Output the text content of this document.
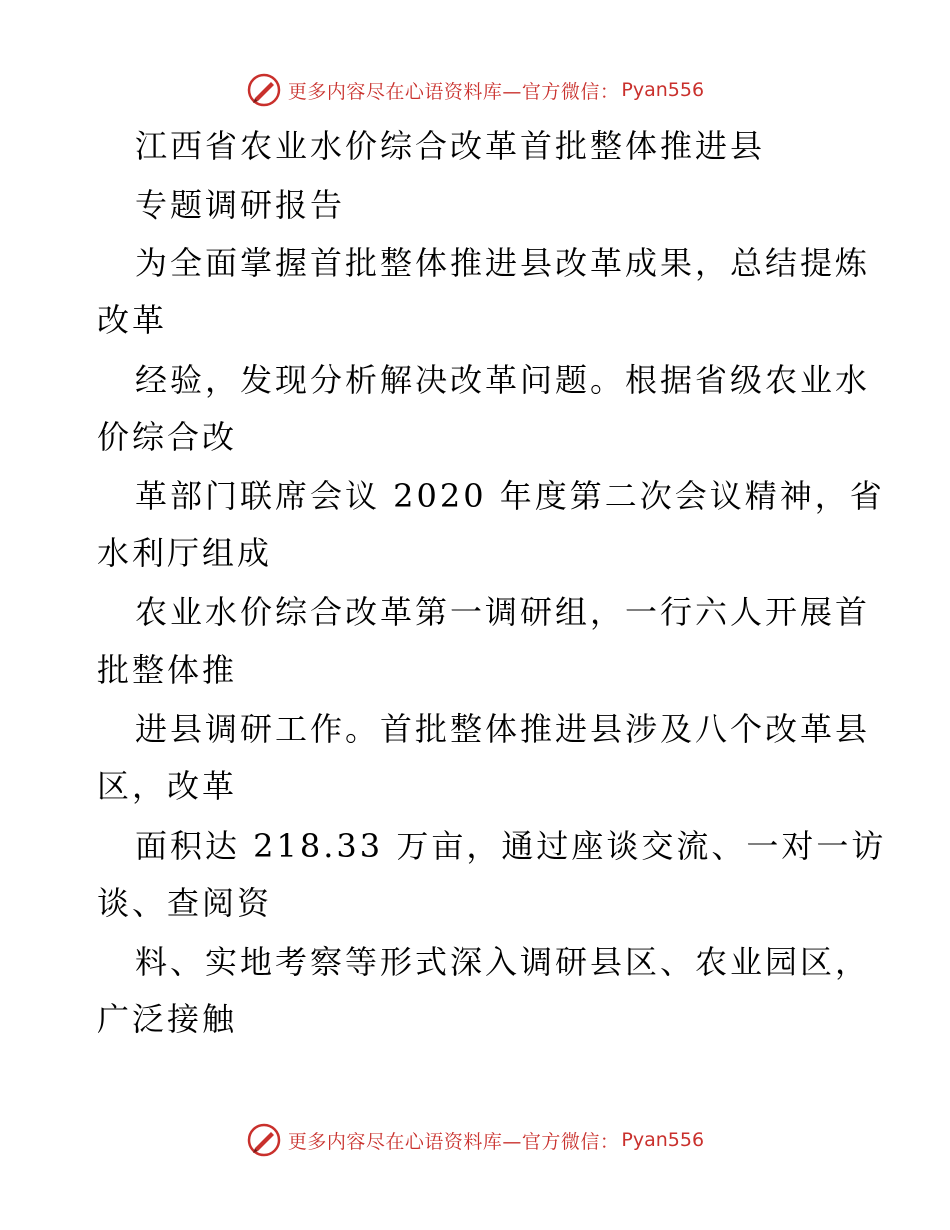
更多内容尽在心语资料库—官方微信： Pyan556
江西省农业水价综合改革首批整体推进县
专题调研报告
为全面掌握首批整体推进县改革成果，总结提炼
改革
经验，发现分析解决改革问题。根据省级农业水
价综合改
革部门联席会议 2020 年度第二次会议精神，省
水利厅组成
农业水价综合改革第一调研组，一行六人开展首
批整体推
进县调研工作。首批整体推进县涉及八个改革县
区，改革
面积达 218.33 万亩，通过座谈交流、一对一访
谈、查阅资
料、实地考察等形式深入调研县区、农业园区，
广泛接触
更多内容尽在心语资料库—官方微信： Pyan556
